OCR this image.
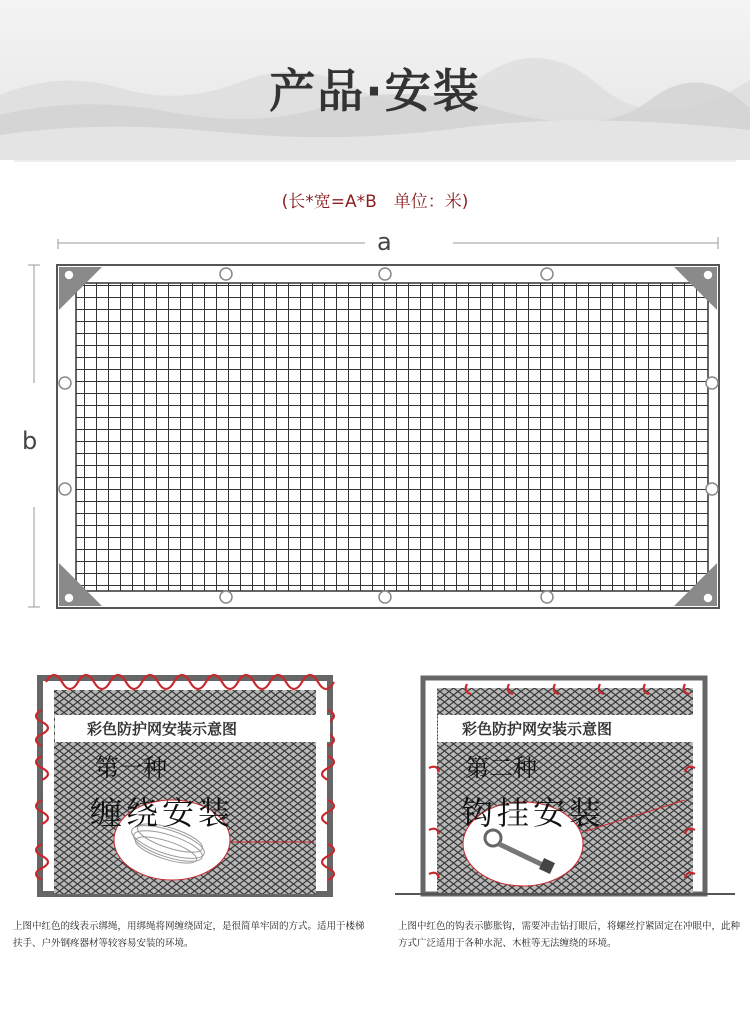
产品·安装
(长*宽=A*B　单位：米)
a
b
彩色防护网安装示意图
第一种
缠绕安装
上图中红色的线表示绑绳，用绑绳将网缠绕固定，是很简单牢固的方式。适用于楼梯扶手、户外钢疼器材等较容易安装的环境。
彩色防护网安装示意图
第二种
钩挂安装
上图中红色的钩表示膨胀钩，需要冲击钻打眼后，将螺丝拧紧固定在冲眼中，此种方式广泛适用于各种水泥、木桩等无法缠绕的环境。
